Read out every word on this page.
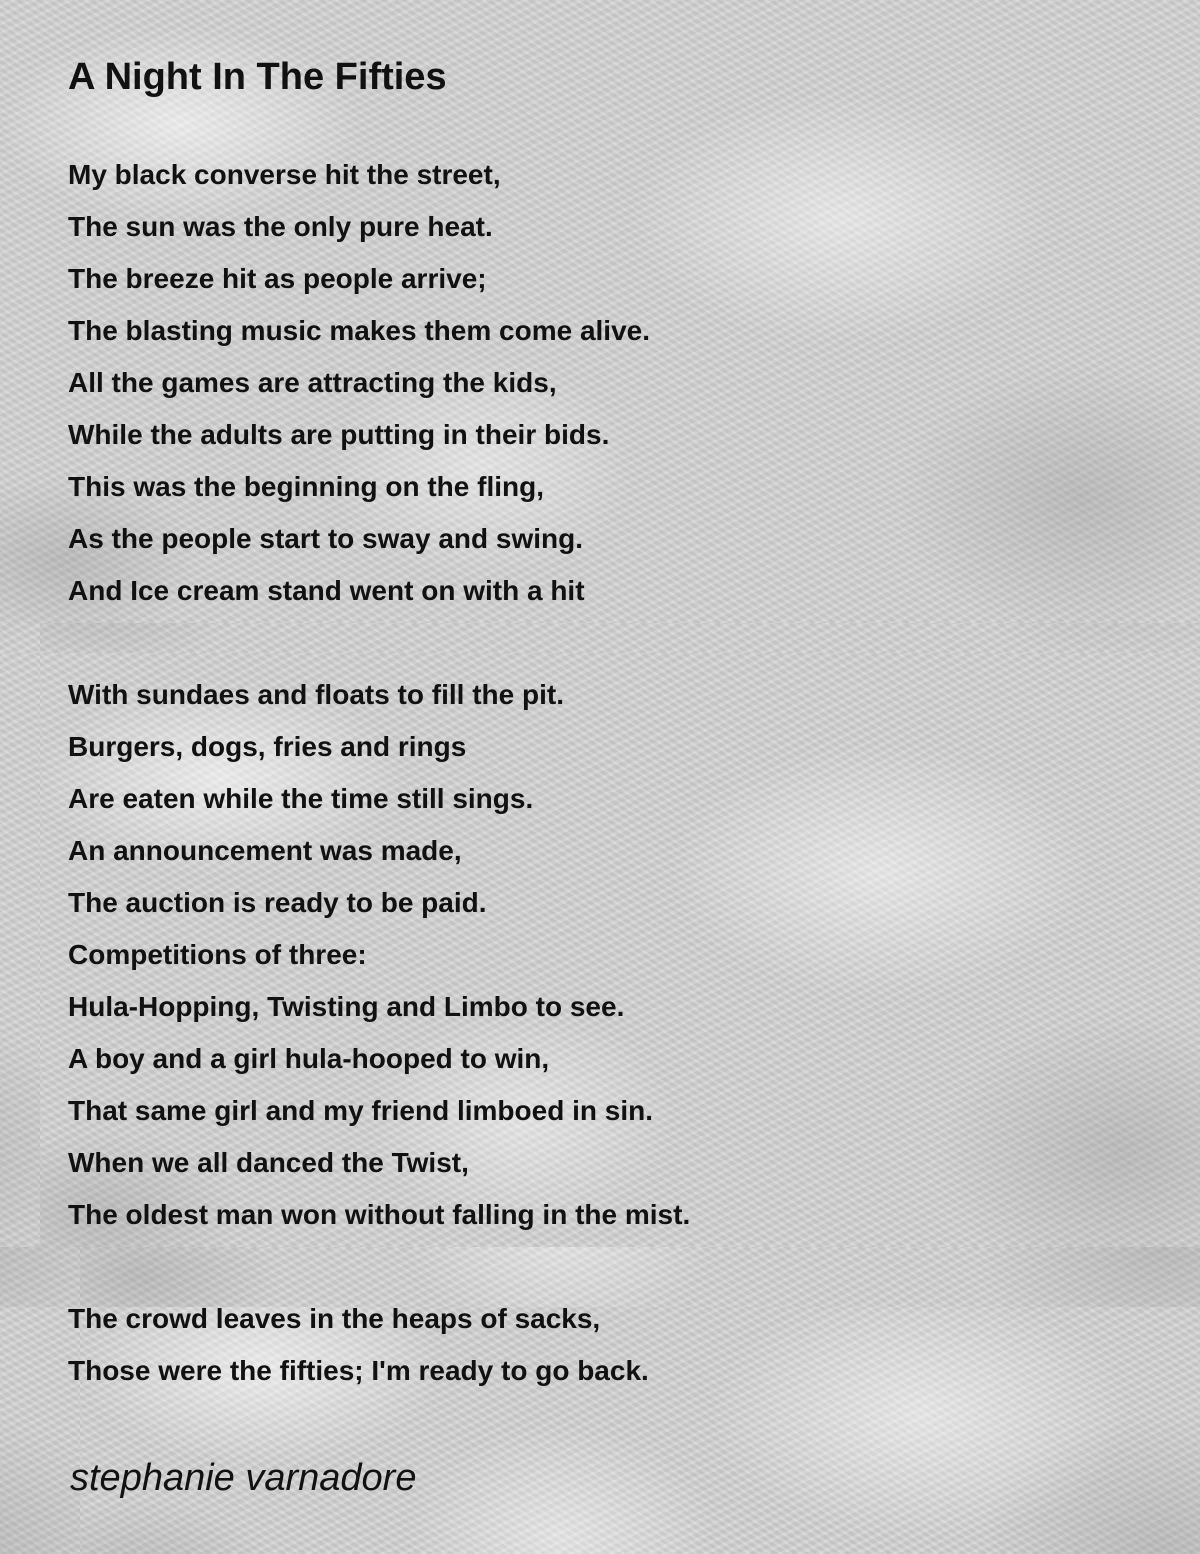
A Night In The Fifties
My black converse hit the street,
The sun was the only pure heat.
The breeze hit as people arrive;
The blasting music makes them come alive.
All the games are attracting the kids,
While the adults are putting in their bids.
This was the beginning on the fling,
As the people start to sway and swing.
And Ice cream stand went on with a hit
With sundaes and floats to fill the pit.
Burgers, dogs, fries and rings
Are eaten while the time still sings.
An announcement was made,
The auction is ready to be paid.
Competitions of three:
Hula-Hopping, Twisting and Limbo to see.
A boy and a girl hula-hooped to win,
That same girl and my friend limboed in sin.
When we all danced the Twist,
The oldest man won without falling in the mist.
The crowd leaves in the heaps of sacks,
Those were the fifties; I'm ready to go back.
stephanie varnadore
